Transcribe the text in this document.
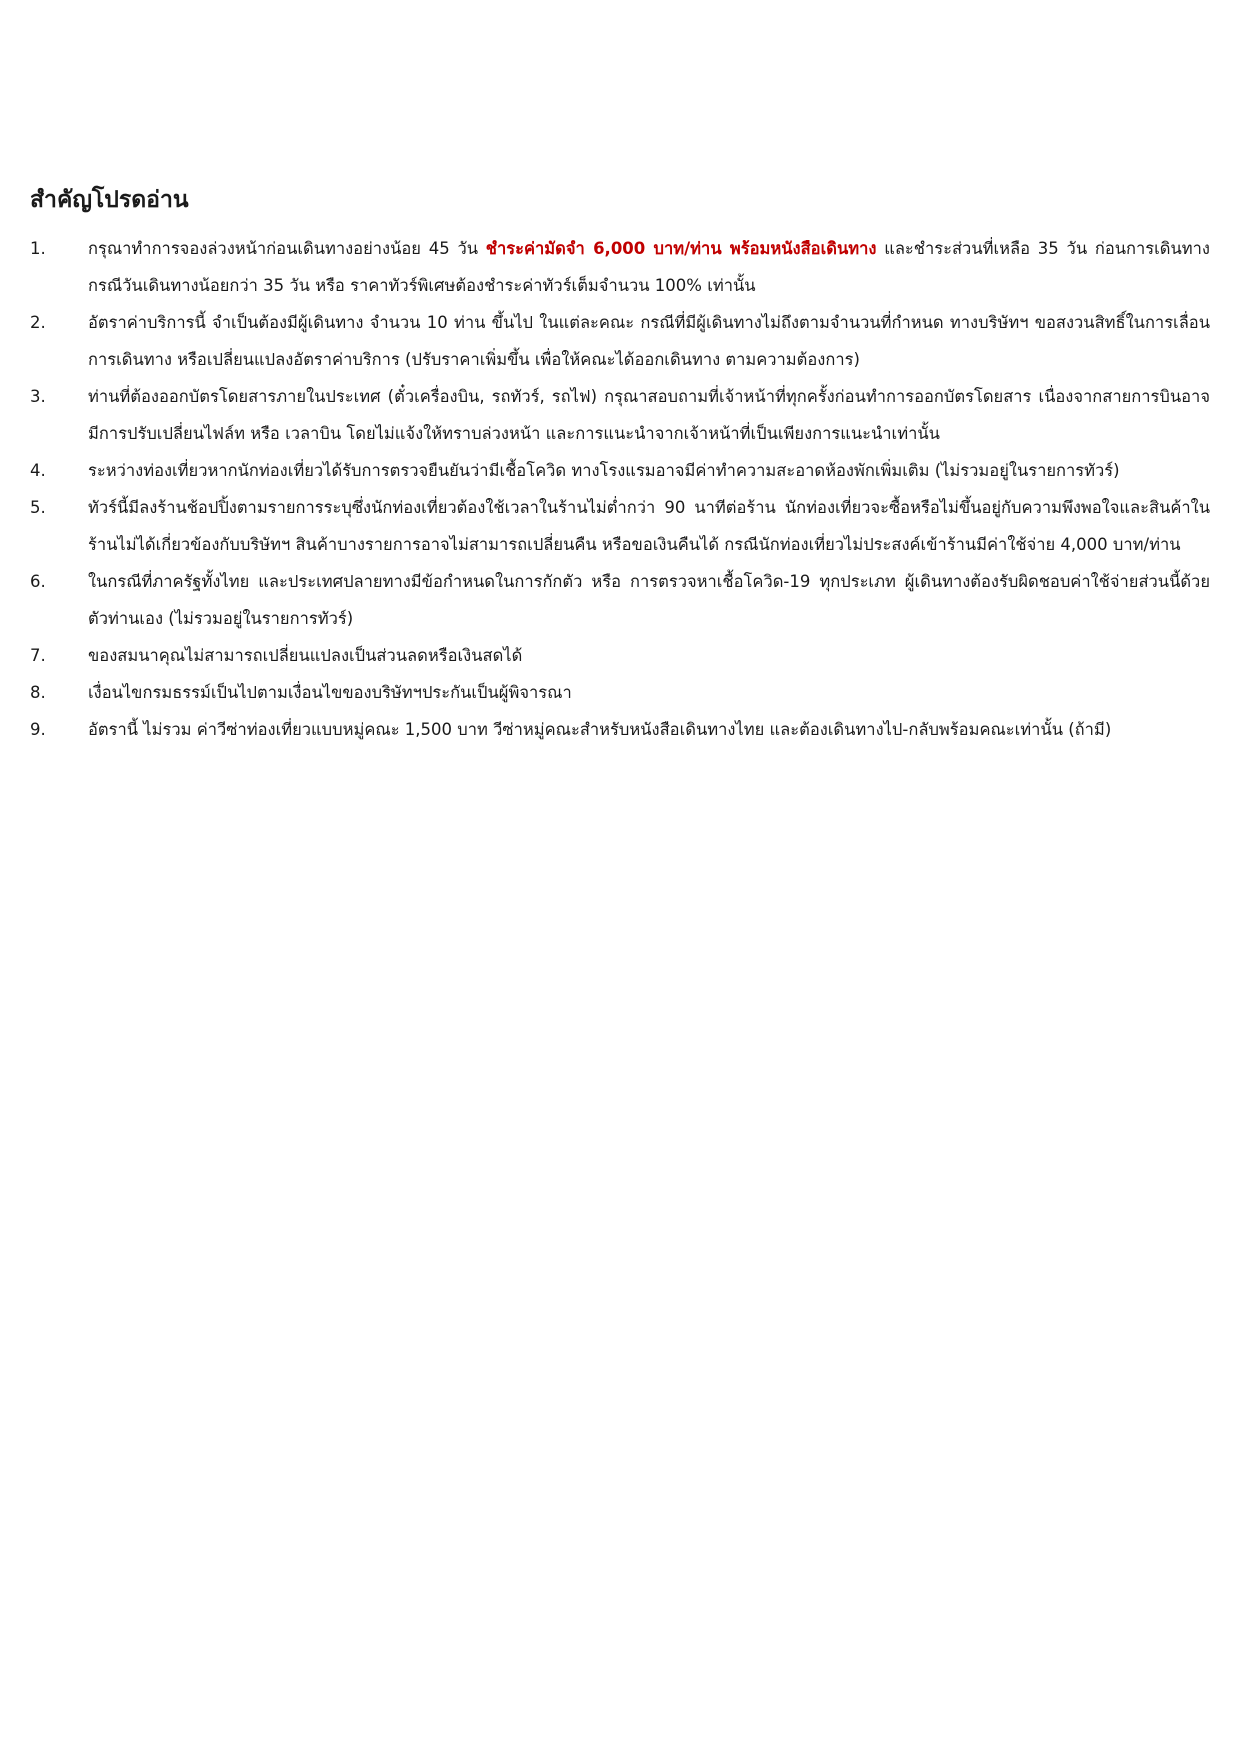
สำคัญโปรดอ่าน
1.	กรุณาทำการจองล่วงหน้าก่อนเดินทางอย่างน้อย 45 วัน ชำระค่ามัดจำ 6,000 บาท/ท่าน พร้อมหนังสือเดินทาง และชำระส่วนที่เหลือ 35 วัน ก่อนการเดินทาง กรณีวันเดินทางน้อยกว่า 35 วัน หรือ ราคาทัวร์พิเศษต้องชำระค่าทัวร์เต็มจำนวน 100% เท่านั้น
2.	อัตราค่าบริการนี้ จำเป็นต้องมีผู้เดินทาง จำนวน 10 ท่าน ขึ้นไป ในแต่ละคณะ กรณีที่มีผู้เดินทางไม่ถึงตามจำนวนที่กำหนด ทางบริษัทฯ ขอสงวนสิทธิ์ในการเลื่อนการเดินทาง หรือเปลี่ยนแปลงอัตราค่าบริการ (ปรับราคาเพิ่มขึ้น เพื่อให้คณะได้ออกเดินทาง ตามความต้องการ)
3.	ท่านที่ต้องออกบัตรโดยสารภายในประเทศ (ตั๋วเครื่องบิน, รถทัวร์, รถไฟ) กรุณาสอบถามที่เจ้าหน้าที่ทุกครั้งก่อนทำการออกบัตรโดยสาร เนื่องจากสายการบินอาจมีการปรับเปลี่ยนไฟล์ท หรือ เวลาบิน โดยไม่แจ้งให้ทราบล่วงหน้า และการแนะนำจากเจ้าหน้าที่เป็นเพียงการแนะนำเท่านั้น
4.	ระหว่างท่องเที่ยวหากนักท่องเที่ยวได้รับการตรวจยืนยันว่ามีเชื้อโควิด ทางโรงแรมอาจมีค่าทำความสะอาดห้องพักเพิ่มเติม (ไม่รวมอยู่ในรายการทัวร์)
5.	ทัวร์นี้มีลงร้านช้อปปิ้งตามรายการระบุซึ่งนักท่องเที่ยวต้องใช้เวลาในร้านไม่ต่ำกว่า 90 นาทีต่อร้าน นักท่องเที่ยวจะซื้อหรือไม่ขึ้นอยู่กับความพึงพอใจและสินค้าในร้านไม่ได้เกี่ยวข้องกับบริษัทฯ สินค้าบางรายการอาจไม่สามารถเปลี่ยนคืน หรือขอเงินคืนได้ กรณีนักท่องเที่ยวไม่ประสงค์เข้าร้านมีค่าใช้จ่าย 4,000 บาท/ท่าน
6.	ในกรณีที่ภาครัฐทั้งไทย และประเทศปลายทางมีข้อกำหนดในการกักตัว หรือ การตรวจหาเชื้อโควิด-19 ทุกประเภท ผู้เดินทางต้องรับผิดชอบค่าใช้จ่ายส่วนนี้ด้วยตัวท่านเอง (ไม่รวมอยู่ในรายการทัวร์)
7.	ของสมนาคุณไม่สามารถเปลี่ยนแปลงเป็นส่วนลดหรือเงินสดได้
8.	เงื่อนไขกรมธรรม์เป็นไปตามเงื่อนไขของบริษัทฯประกันเป็นผู้พิจารณา
9.	อัตรานี้ ไม่รวม ค่าวีซ่าท่องเที่ยวแบบหมู่คณะ 1,500 บาท วีซ่าหมู่คณะสำหรับหนังสือเดินทางไทย และต้องเดินทางไป-กลับพร้อมคณะเท่านั้น (ถ้ามี)
